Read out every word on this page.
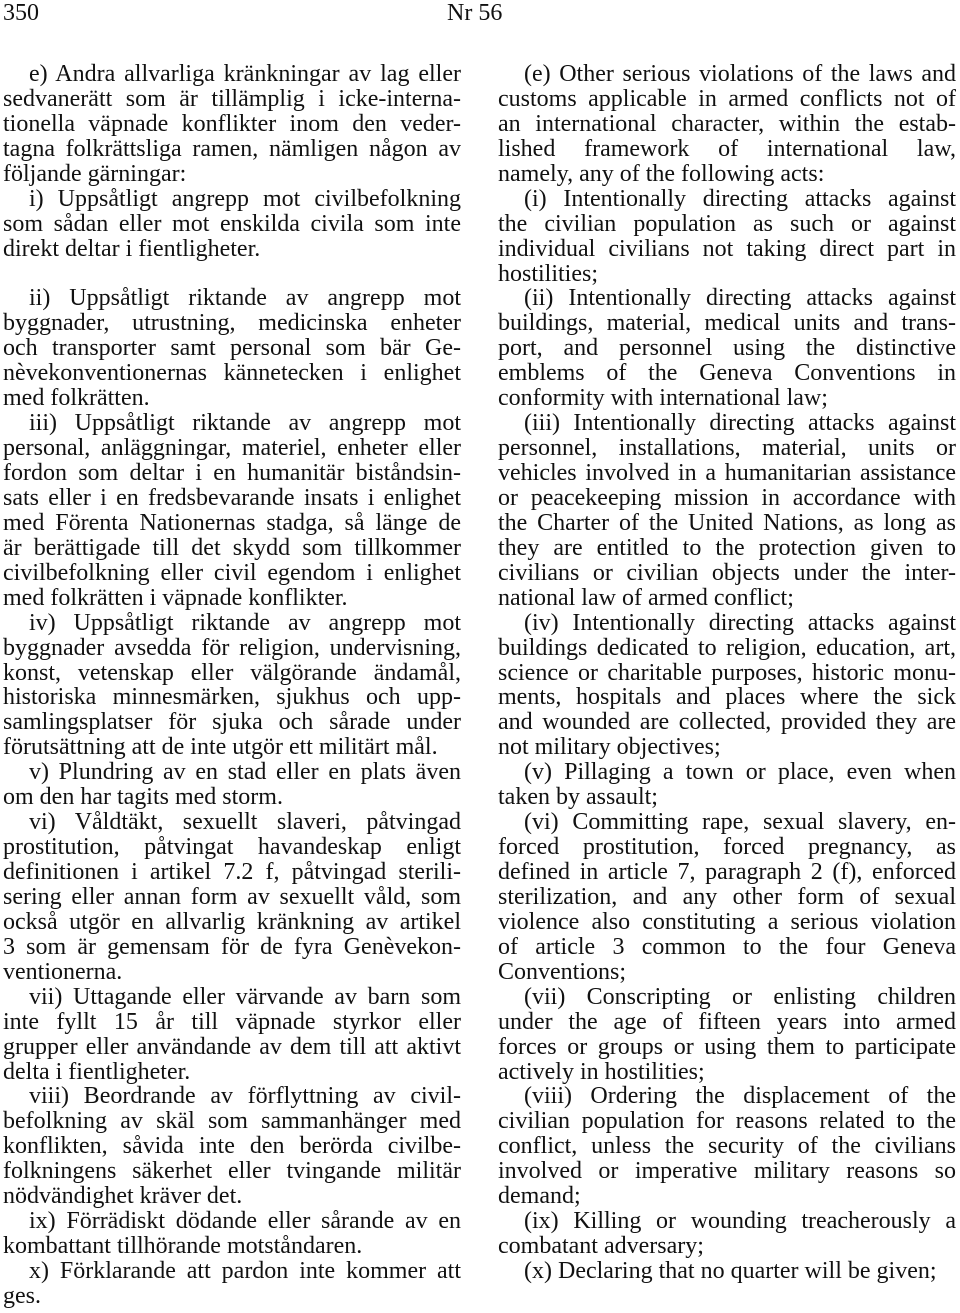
350	Nr 56
e) Andra allvarliga kränkningar av lag eller
sedvanerätt som är tillämplig i icke-interna-
tionella väpnade konflikter inom den veder-
tagna folkrättsliga ramen, nämligen någon av
följande gärningar:
i) Uppsåtligt angrepp mot civilbefolkning
som sådan eller mot enskilda civila som inte
direkt deltar i fientligheter.
ii) Uppsåtligt riktande av angrepp mot
byggnader, utrustning, medicinska enheter
och transporter samt personal som bär Ge-
nèvekonventionernas kännetecken i enlighet
med folkrätten.
iii) Uppsåtligt riktande av angrepp mot
personal, anläggningar, materiel, enheter eller
fordon som deltar i en humanitär biståndsin-
sats eller i en fredsbevarande insats i enlighet
med Förenta Nationernas stadga, så länge de
är berättigade till det skydd som tillkommer
civilbefolkning eller civil egendom i enlighet
med folkrätten i väpnade konflikter.
iv) Uppsåtligt riktande av angrepp mot
byggnader avsedda för religion, undervisning,
konst, vetenskap eller välgörande ändamål,
historiska minnesmärken, sjukhus och upp-
samlingsplatser för sjuka och sårade under
förutsättning att de inte utgör ett militärt mål.
v) Plundring av en stad eller en plats även
om den har tagits med storm.
vi) Våldtäkt, sexuellt slaveri, påtvingad
prostitution, påtvingat havandeskap enligt
definitionen i artikel 7.2 f, påtvingad sterili-
sering eller annan form av sexuellt våld, som
också utgör en allvarlig kränkning av artikel
3 som är gemensam för de fyra Genèvekon-
ventionerna.
vii) Uttagande eller värvande av barn som
inte fyllt 15 år till väpnade styrkor eller
grupper eller användande av dem till att aktivt
delta i fientligheter.
viii) Beordrande av förflyttning av civil-
befolkning av skäl som sammanhänger med
konflikten, såvida inte den berörda civilbe-
folkningens säkerhet eller tvingande militär
nödvändighet kräver det.
ix) Förrädiskt dödande eller sårande av en
kombattant tillhörande motståndaren.
x) Förklarande att pardon inte kommer att
ges.
(e) Other serious violations of the laws and
customs applicable in armed conflicts not of
an international character, within the estab-
lished framework of international law,
namely, any of the following acts:
(i) Intentionally directing attacks against
the civilian population as such or against
individual civilians not taking direct part in
hostilities;
(ii) Intentionally directing attacks against
buildings, material, medical units and trans-
port, and personnel using the distinctive
emblems of the Geneva Conventions in
conformity with international law;
(iii) Intentionally directing attacks against
personnel, installations, material, units or
vehicles involved in a humanitarian assistance
or peacekeeping mission in accordance with
the Charter of the United Nations, as long as
they are entitled to the protection given to
civilians or civilian objects under the inter-
national law of armed conflict;
(iv) Intentionally directing attacks against
buildings dedicated to religion, education, art,
science or charitable purposes, historic monu-
ments, hospitals and places where the sick
and wounded are collected, provided they are
not military objectives;
(v) Pillaging a town or place, even when
taken by assault;
(vi) Committing rape, sexual slavery, en-
forced prostitution, forced pregnancy, as
defined in article 7, paragraph 2 (f), enforced
sterilization, and any other form of sexual
violence also constituting a serious violation
of article 3 common to the four Geneva
Conventions;
(vii) Conscripting or enlisting children
under the age of fifteen years into armed
forces or groups or using them to participate
actively in hostilities;
(viii) Ordering the displacement of the
civilian population for reasons related to the
conflict, unless the security of the civilians
involved or imperative military reasons so
demand;
(ix) Killing or wounding treacherously a
combatant adversary;
(x) Declaring that no quarter will be given;
